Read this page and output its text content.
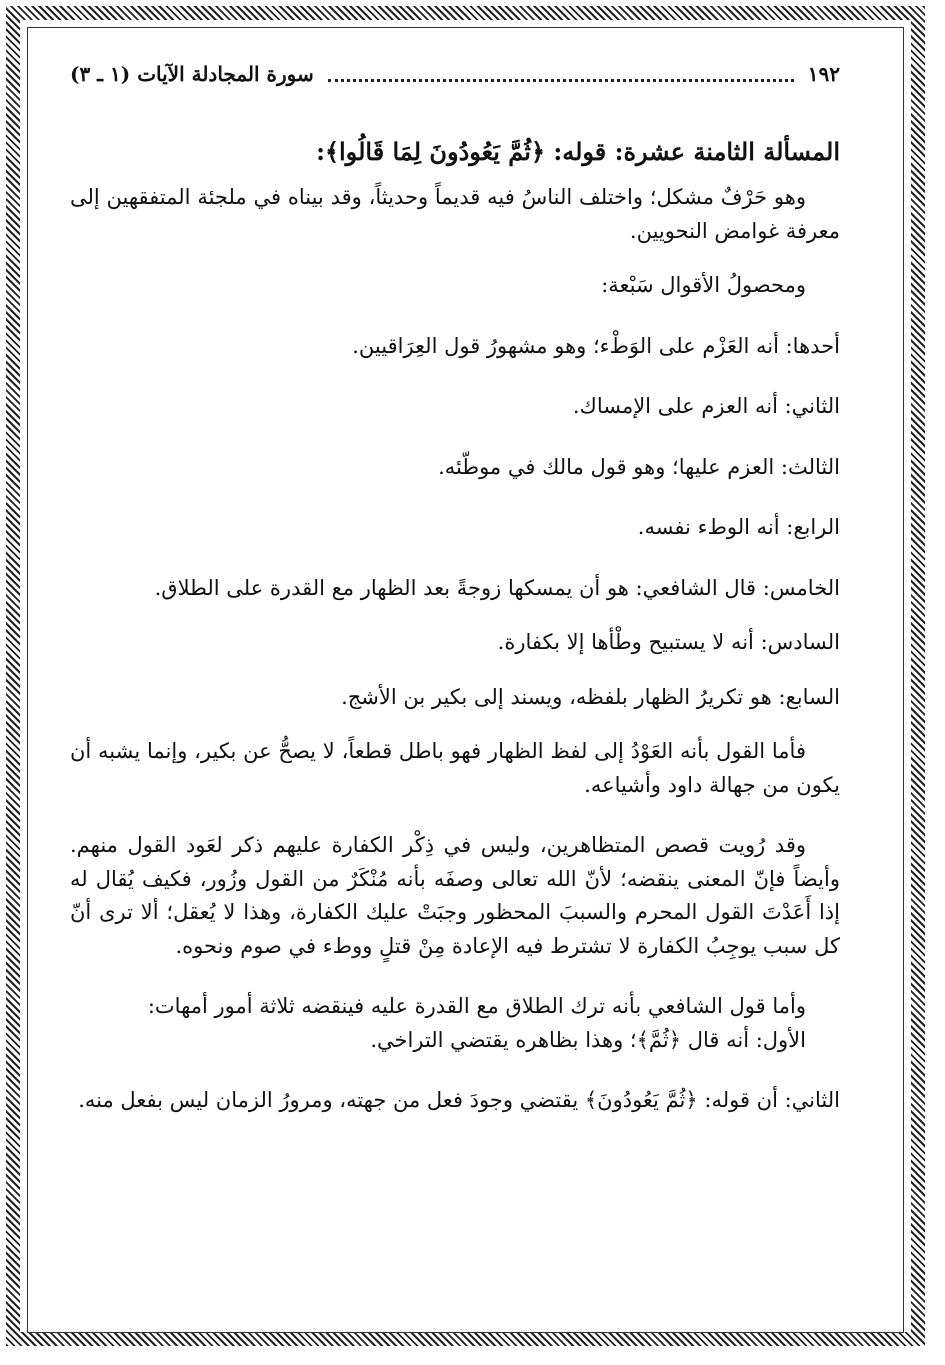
١٩٢
سورة المجادلة الآيات (١ ـ ٣)
المسألة الثامنة عشرة: قوله: ﴿ثُمَّ يَعُودُونَ لِمَا قَالُوا﴾:

وهو حَرْفٌ مشكل؛ واختلف الناسُ فيه قديماً وحديثاً، وقد بيناه في ملجئة المتفقهين إلى معرفة غوامض النحويين.

ومحصولُ الأقوال سَبْعة:

أحدها: أنه العَزْم على الوَطْء؛ وهو مشهورُ قول العِرَاقيين.

الثاني: أنه العزم على الإمساك.

الثالث: العزم عليها؛ وهو قول مالك في موطّئه.

الرابع: أنه الوطء نفسه.

الخامس: قال الشافعي: هو أن يمسكها زوجةً بعد الظهار مع القدرة على الطلاق.

السادس: أنه لا يستبيح وطْأها إلا بكفارة.

السابع: هو تكريرُ الظهار بلفظه، ويسند إلى بكير بن الأشج.

فأما القول بأنه العَوْدُ إلى لفظ الظهار فهو باطل قطعاً، لا يصحُّ عن بكير، وإنما يشبه أن يكون من جهالة داود وأشياعه.

وقد رُويت قصص المتظاهرين، وليس في ذِكْر الكفارة عليهم ذكر لعَود القول منهم. وأيضاً فإنّ المعنى ينقضه؛ لأنّ الله تعالى وصفَه بأنه مُنْكَرٌ من القول وزُور، فكيف يُقال له إذا أَعَدْتَ القول المحرم والسببَ المحظور وجبَتْ عليك الكفارة، وهذا لا يُعقل؛ ألا ترى أنّ كل سبب يوجِبُ الكفارة لا تشترط فيه الإعادة مِنْ قتلٍ ووطء في صوم ونحوه.

وأما قول الشافعي بأنه ترك الطلاق مع القدرة عليه فينقضه ثلاثة أمور أمهات:

الأول: أنه قال ﴿ثُمَّ﴾؛ وهذا بظاهره يقتضي التراخي.

الثاني: أن قوله: ﴿ثُمَّ يَعُودُونَ﴾ يقتضي وجودَ فعل من جهته، ومرورُ الزمان ليس بفعل منه.
